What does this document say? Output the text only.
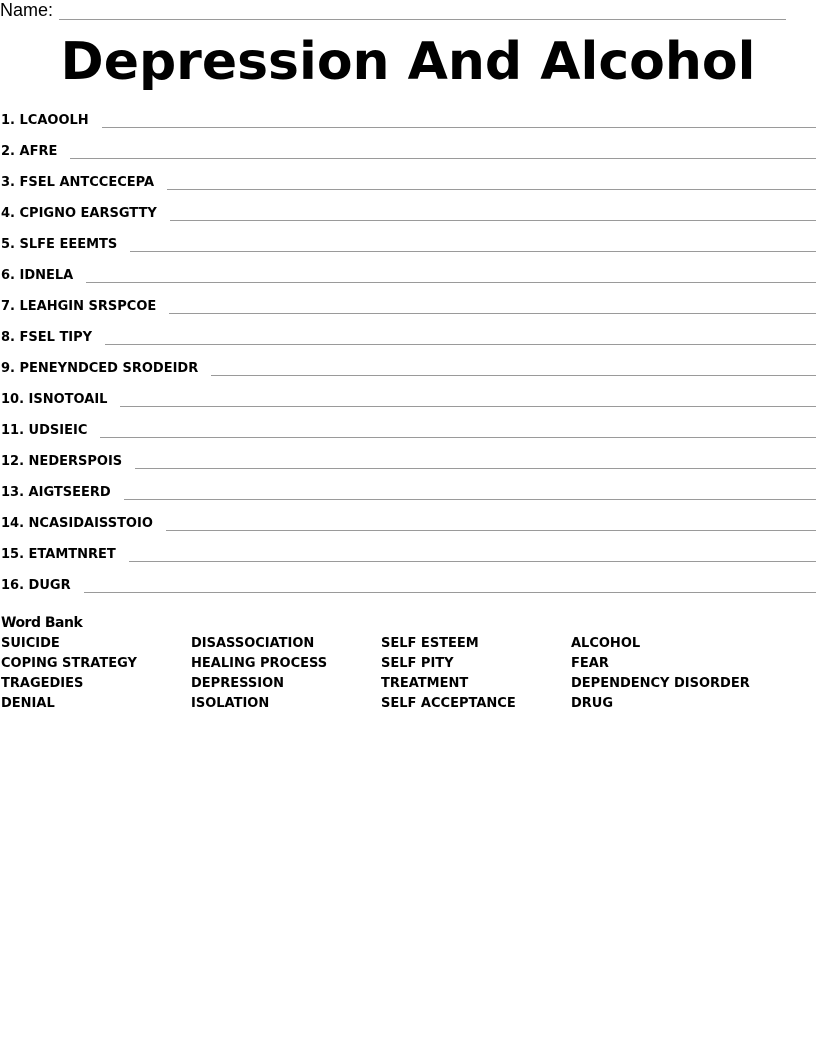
Name:
Depression And Alcohol
1. LCAOOLH
2. AFRE
3. FSEL ANTCCECEPA
4. CPIGNO EARSGTTY
5. SLFE EEEMTS
6. IDNELA
7. LEAHGIN SRSPCOE
8. FSEL TIPY
9. PENEYNDCED SRODEIDR
10. ISNOTOAIL
11. UDSIEIC
12. NEDERSPOIS
13. AIGTSEERD
14. NCASIDAISSTOIO
15. ETAMTNRET
16. DUGR
Word Bank
SUICIDE	DISASSOCIATION	SELF ESTEEM	ALCOHOL
COPING STRATEGY	HEALING PROCESS	SELF PITY	FEAR
TRAGEDIES	DEPRESSION	TREATMENT	DEPENDENCY DISORDER
DENIAL	ISOLATION	SELF ACCEPTANCE	DRUG
